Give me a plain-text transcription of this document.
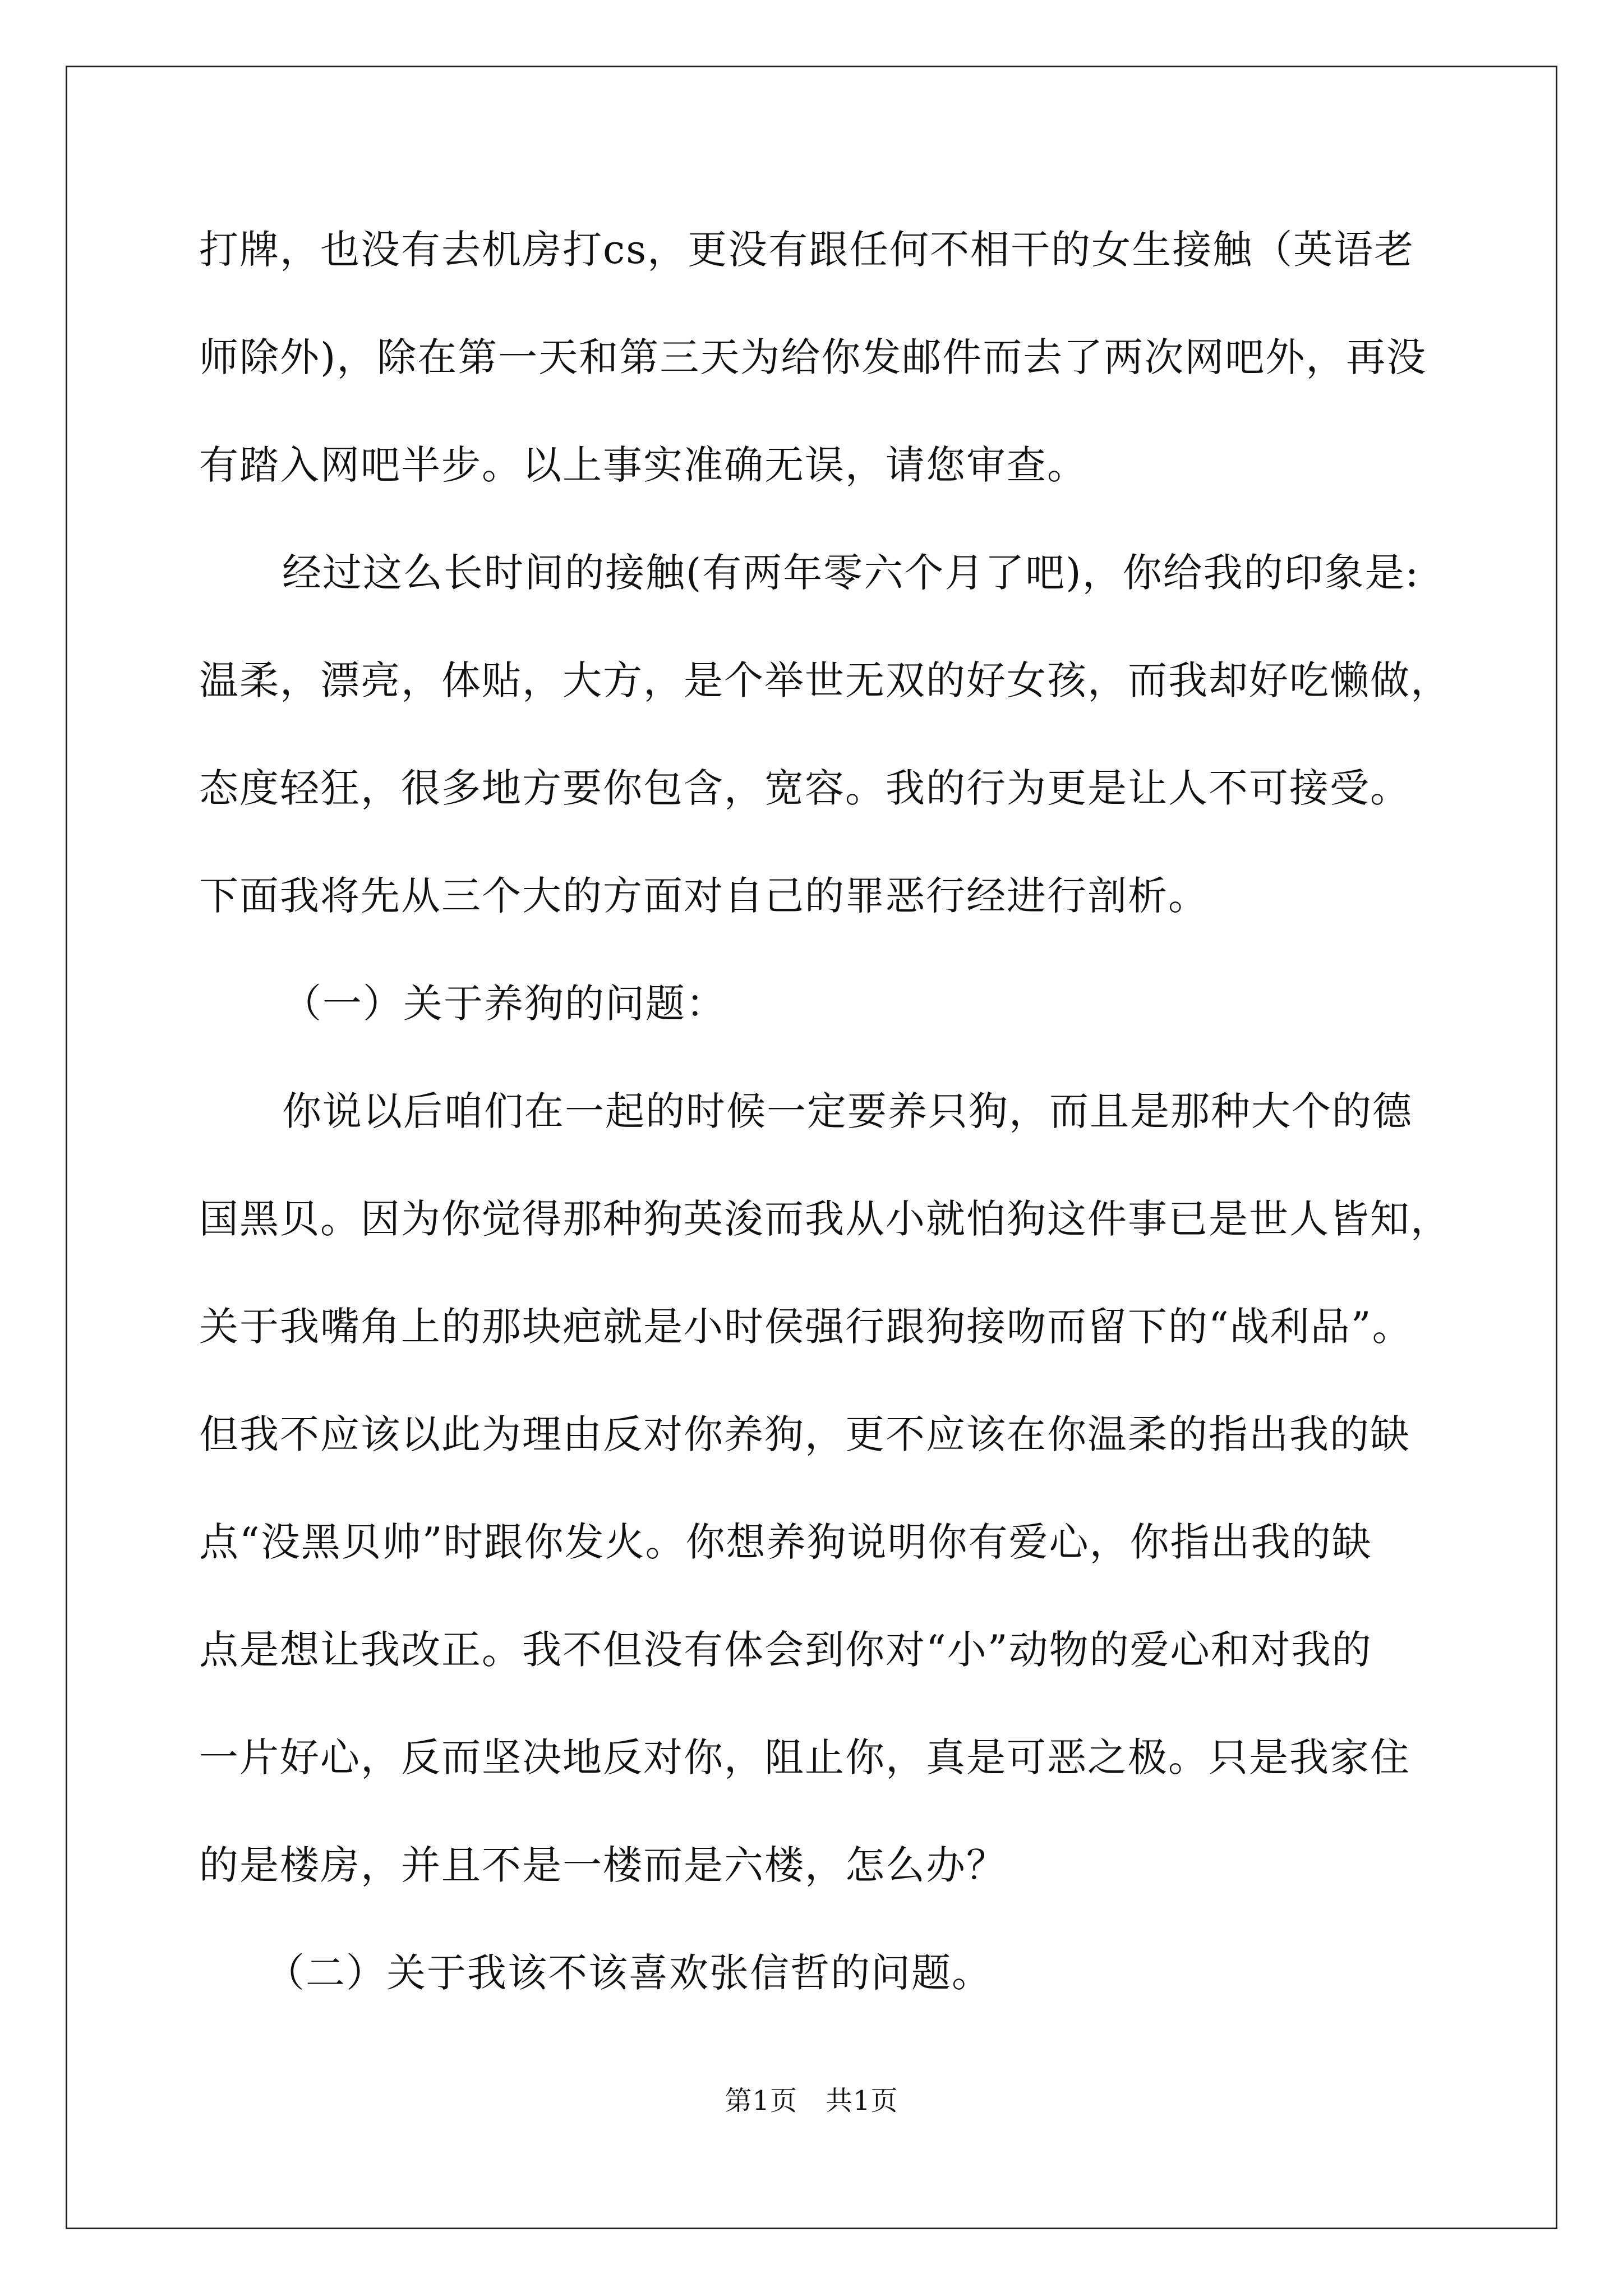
打牌，也没有去机房打cs，更没有跟任何不相干的女生接触（英语老
师除外)，除在第一天和第三天为给你发邮件而去了两次网吧外，再没
有踏入网吧半步。以上事实准确无误，请您审查。
经过这么长时间的接触(有两年零六个月了吧)，你给我的印象是:
温柔，漂亮，体贴，大方，是个举世无双的好女孩，而我却好吃懒做，
态度轻狂，很多地方要你包含，宽容。我的行为更是让人不可接受。
下面我将先从三个大的方面对自己的罪恶行经进行剖析。
（一）关于养狗的问题：
你说以后咱们在一起的时候一定要养只狗，而且是那种大个的德
国黑贝。因为你觉得那种狗英浚而我从小就怕狗这件事已是世人皆知，
关于我嘴角上的那块疤就是小时侯强行跟狗接吻而留下的“战利品”。
但我不应该以此为理由反对你养狗，更不应该在你温柔的指出我的缺
点“没黑贝帅”时跟你发火。你想养狗说明你有爱心，你指出我的缺
点是想让我改正。我不但没有体会到你对“小”动物的爱心和对我的
一片好心，反而坚决地反对你，阻止你，真是可恶之极。只是我家住
的是楼房，并且不是一楼而是六楼，怎么办？
（二）关于我该不该喜欢张信哲的问题。
第1页 共1页
